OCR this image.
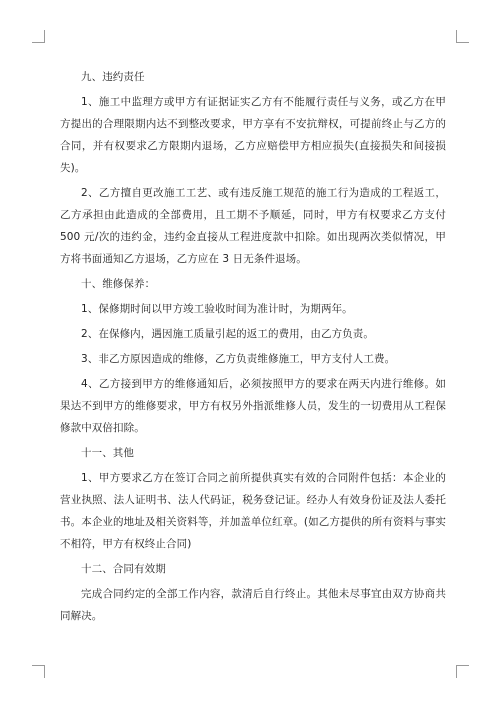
九、违约责任

1、施工中监理方或甲方有证据证实乙方有不能履行责任与义务，或乙方在甲方提出的合理限期内达不到整改要求，甲方享有不安抗辩权，可提前终止与乙方的合同，并有权要求乙方限期内退场，乙方应赔偿甲方相应损失(直接损失和间接损失)。

2、乙方擅自更改施工工艺、或有违反施工规范的施工行为造成的工程返工，乙方承担由此造成的全部费用，且工期不予顺延，同时，甲方有权要求乙方支付 500 元/次的违约金，违约金直接从工程进度款中扣除。如出现两次类似情况，甲方将书面通知乙方退场，乙方应在 3 日无条件退场。

十、维修保养：

1、保修期时间以甲方竣工验收时间为准计时，为期两年。

2、在保修内，遇因施工质量引起的返工的费用，由乙方负责。

3、非乙方原因造成的维修，乙方负责维修施工，甲方支付人工费。

4、乙方接到甲方的维修通知后，必须按照甲方的要求在两天内进行维修。如果达不到甲方的维修要求，甲方有权另外指派维修人员，发生的一切费用从工程保修款中双倍扣除。

十一、其他

1、甲方要求乙方在签订合同之前所提供真实有效的合同附件包括：本企业的营业执照、法人证明书、法人代码证，税务登记证。经办人有效身份证及法人委托书。本企业的地址及相关资料等，并加盖单位红章。(如乙方提供的所有资料与事实不相符，甲方有权终止合同)

十二、合同有效期

完成合同约定的全部工作内容，款清后自行终止。其他未尽事宜由双方协商共同解决。
